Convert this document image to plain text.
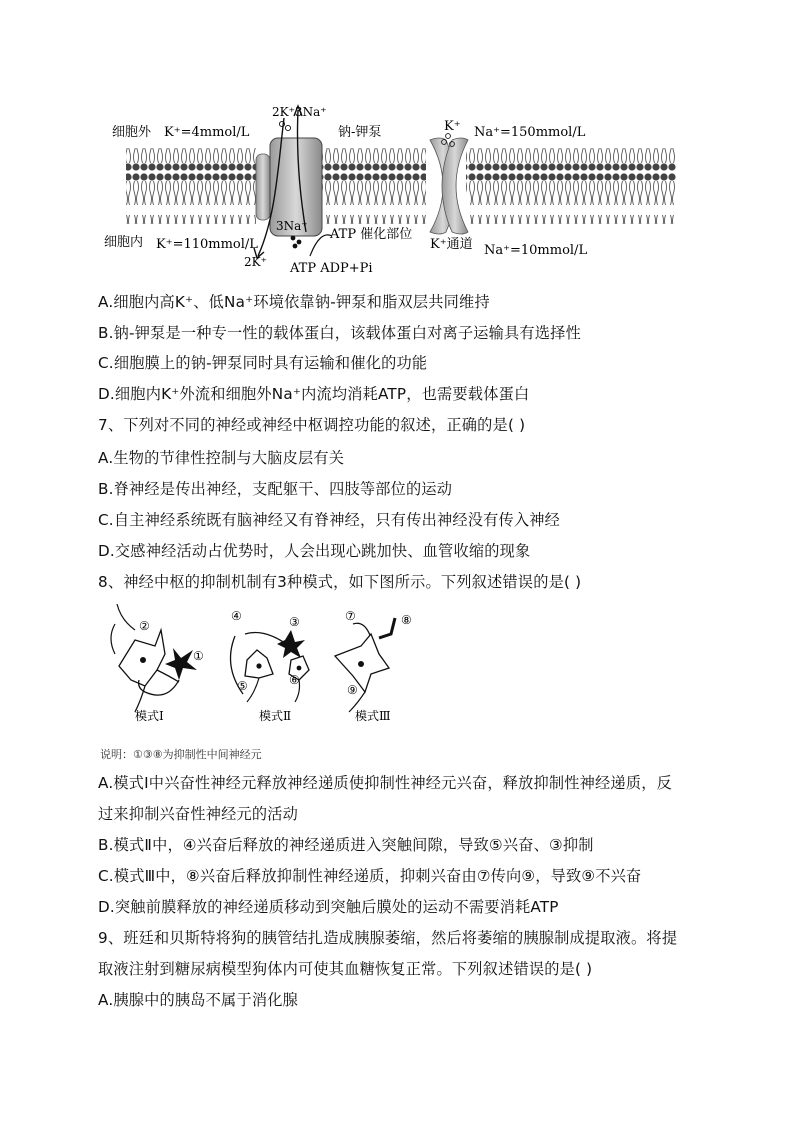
细胞外 K⁺=4mmol/L
细胞内 K⁺=110mmol/L
2K⁺3Na⁺
钠-钾泵	K⁺ Na⁺=150mmol/L
3Na⁺
ATP 催化部位
K⁺通道 Na⁺=10mmol/L
2K⁺ ATP ADP+Pi
A.细胞内高K⁺、低Na⁺环境依靠钠-钾泵和脂双层共同维持
B.钠-钾泵是一种专一性的载体蛋白，该载体蛋白对离子运输具有选择性
C.细胞膜上的钠-钾泵同时具有运输和催化的功能
D.细胞内K⁺外流和细胞外Na⁺内流均消耗ATP，也需要载体蛋白
7、下列对不同的神经或神经中枢调控功能的叙述，正确的是( )
A.生物的节律性控制与大脑皮层有关
B.脊神经是传出神经，支配躯干、四肢等部位的运动
C.自主神经系统既有脑神经又有脊神经，只有传出神经没有传入神经
D.交感神经活动占优势时，人会出现心跳加快、血管收缩的现象
8、神经中枢的抑制机制有3种模式，如下图所示。下列叙述错误的是( )
②
①
模式Ⅰ
④	③
⑤	⑥
模式Ⅱ
⑦	⑧
⑨
模式Ⅲ
说明：①③⑧为抑制性中间神经元
A.模式Ⅰ中兴奋性神经元释放神经递质使抑制性神经元兴奋，释放抑制性神经递质，反
过来抑制兴奋性神经元的活动
B.模式Ⅱ中，④兴奋后释放的神经递质进入突触间隙，导致⑤兴奋、③抑制
C.模式Ⅲ中，⑧兴奋后释放抑制性神经递质，抑刺兴奋由⑦传向⑨，导致⑨不兴奋
D.突触前膜释放的神经递质移动到突触后膜处的运动不需要消耗ATP
9、班廷和贝斯特将狗的胰管结扎造成胰腺萎缩，然后将萎缩的胰腺制成提取液。将提
取液注射到糖尿病模型狗体内可使其血糖恢复正常。下列叙述错误的是( )
A.胰腺中的胰岛不属于消化腺
